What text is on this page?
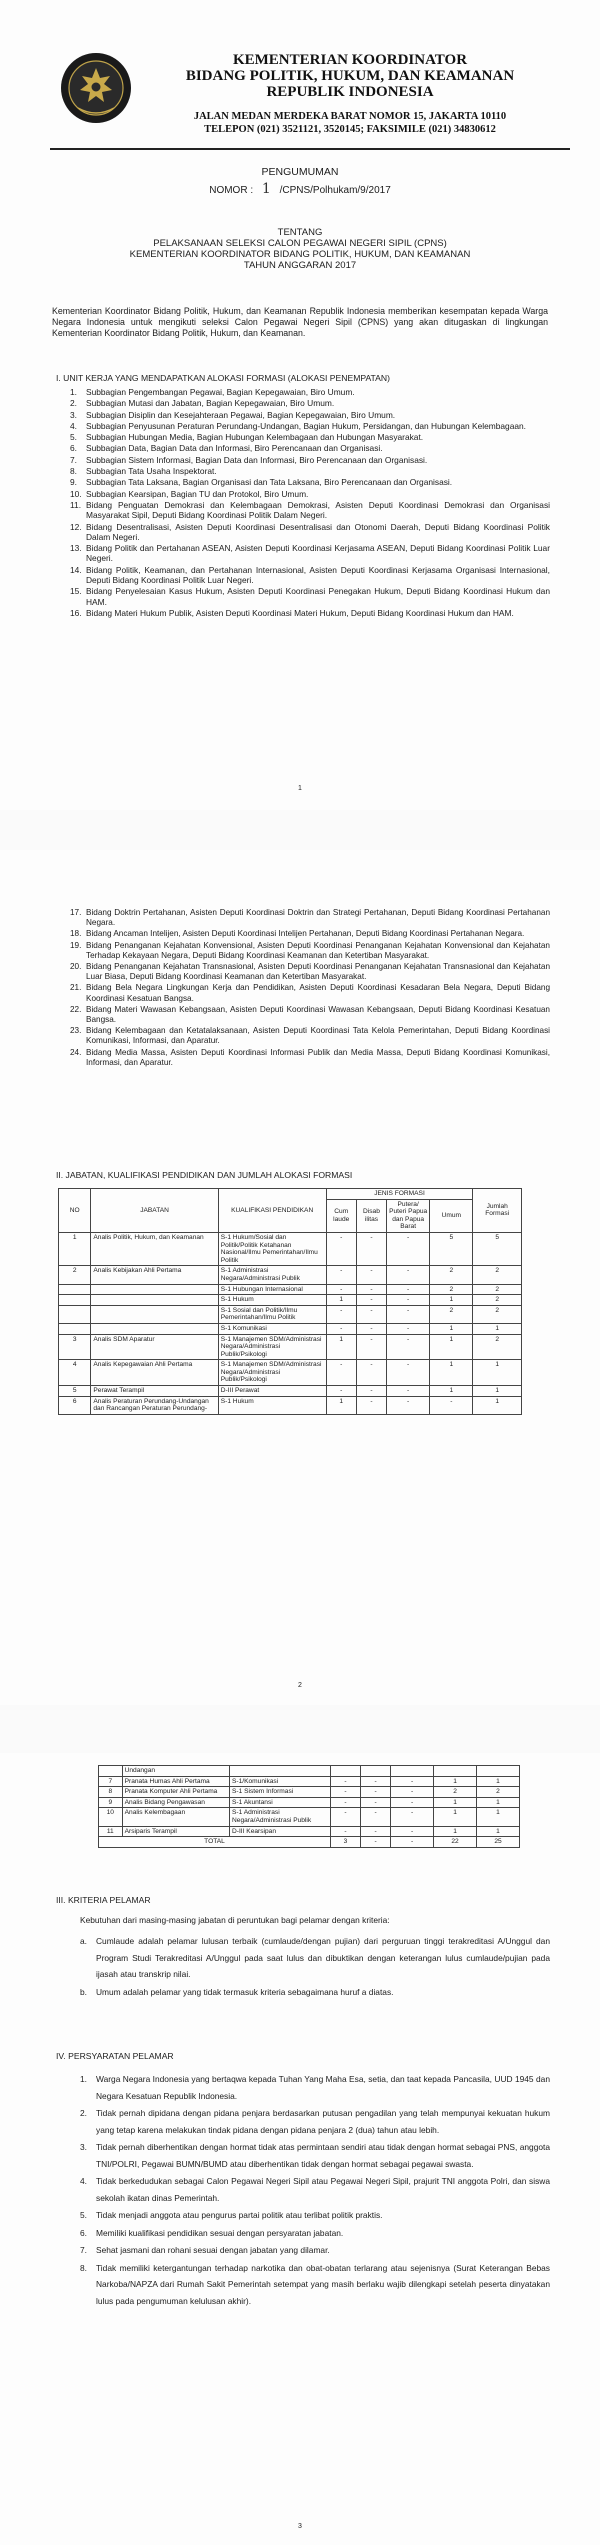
KEMENTERIAN KOORDINATOR
BIDANG POLITIK, HUKUM, DAN KEAMANAN
REPUBLIK INDONESIA
JALAN MEDAN MERDEKA BARAT NOMOR 15, JAKARTA 10110
TELEPON (021) 3521121, 3520145; FAKSIMILE (021) 34830612
PENGUMUMAN
NOMOR : 1 /CPNS/Polhukam/9/2017
TENTANG
PELAKSANAAN SELEKSI CALON PEGAWAI NEGERI SIPIL (CPNS)
KEMENTERIAN KOORDINATOR BIDANG POLITIK, HUKUM, DAN KEAMANAN
TAHUN ANGGARAN 2017
Kementerian Koordinator Bidang Politik, Hukum, dan Keamanan Republik Indonesia memberikan kesempatan kepada Warga Negara Indonesia untuk mengikuti seleksi Calon Pegawai Negeri Sipil (CPNS) yang akan ditugaskan di lingkungan Kementerian Koordinator Bidang Politik, Hukum, dan Keamanan.
I. UNIT KERJA YANG MENDAPATKAN ALOKASI FORMASI (ALOKASI PENEMPATAN)
1. Subbagian Pengembangan Pegawai, Bagian Kepegawaian, Biro Umum.
2. Subbagian Mutasi dan Jabatan, Bagian Kepegawaian, Biro Umum.
3. Subbagian Disiplin dan Kesejahteraan Pegawai, Bagian Kepegawaian, Biro Umum.
4. Subbagian Penyusunan Peraturan Perundang-Undangan, Bagian Hukum, Persidangan, dan Hubungan Kelembagaan.
5. Subbagian Hubungan Media, Bagian Hubungan Kelembagaan dan Hubungan Masyarakat.
6. Subbagian Data, Bagian Data dan Informasi, Biro Perencanaan dan Organisasi.
7. Subbagian Sistem Informasi, Bagian Data dan Informasi, Biro Perencanaan dan Organisasi.
8. Subbagian Tata Usaha Inspektorat.
9. Subbagian Tata Laksana, Bagian Organisasi dan Tata Laksana, Biro Perencanaan dan Organisasi.
10. Subbagian Kearsipan, Bagian TU dan Protokol, Biro Umum.
11. Bidang Penguatan Demokrasi dan Kelembagaan Demokrasi, Asisten Deputi Koordinasi Demokrasi dan Organisasi Masyarakat Sipil, Deputi Bidang Koordinasi Politik Dalam Negeri.
12. Bidang Desentralisasi, Asisten Deputi Koordinasi Desentralisasi dan Otonomi Daerah, Deputi Bidang Koordinasi Politik Dalam Negeri.
13. Bidang Politik dan Pertahanan ASEAN, Asisten Deputi Koordinasi Kerjasama ASEAN, Deputi Bidang Koordinasi Politik Luar Negeri.
14. Bidang Politik, Keamanan, dan Pertahanan Internasional, Asisten Deputi Koordinasi Kerjasama Organisasi Internasional, Deputi Bidang Koordinasi Politik Luar Negeri.
15. Bidang Penyelesaian Kasus Hukum, Asisten Deputi Koordinasi Penegakan Hukum, Deputi Bidang Koordinasi Hukum dan HAM.
16. Bidang Materi Hukum Publik, Asisten Deputi Koordinasi Materi Hukum, Deputi Bidang Koordinasi Hukum dan HAM.
1
17. Bidang Doktrin Pertahanan, Asisten Deputi Koordinasi Doktrin dan Strategi Pertahanan, Deputi Bidang Koordinasi Pertahanan Negara.
18. Bidang Ancaman Intelijen, Asisten Deputi Koordinasi Intelijen Pertahanan, Deputi Bidang Koordinasi Pertahanan Negara.
19. Bidang Penanganan Kejahatan Konvensional, Asisten Deputi Koordinasi Penanganan Kejahatan Konvensional dan Kejahatan Terhadap Kekayaan Negara, Deputi Bidang Koordinasi Keamanan dan Ketertiban Masyarakat.
20. Bidang Penanganan Kejahatan Transnasional, Asisten Deputi Koordinasi Penanganan Kejahatan Transnasional dan Kejahatan Luar Biasa, Deputi Bidang Koordinasi Keamanan dan Ketertiban Masyarakat.
21. Bidang Bela Negara Lingkungan Kerja dan Pendidikan, Asisten Deputi Koordinasi Kesadaran Bela Negara, Deputi Bidang Koordinasi Kesatuan Bangsa.
22. Bidang Materi Wawasan Kebangsaan, Asisten Deputi Koordinasi Wawasan Kebangsaan, Deputi Bidang Koordinasi Kesatuan Bangsa.
23. Bidang Kelembagaan dan Ketatalaksanaan, Asisten Deputi Koordinasi Tata Kelola Pemerintahan, Deputi Bidang Koordinasi Komunikasi, Informasi, dan Aparatur.
24. Bidang Media Massa, Asisten Deputi Koordinasi Informasi Publik dan Media Massa, Deputi Bidang Koordinasi Komunikasi, Informasi, dan Aparatur.
II. JABATAN, KUALIFIKASI PENDIDIKAN DAN JUMLAH ALOKASI FORMASI
NO	JABATAN	KUALIFIKASI PENDIDIKAN	JENIS FORMASI				Jumlah Formasi
			Cum laude	Disab ilitas	Putera/ Puteri Papua dan Papua Barat	Umum	
1	Analis Politik, Hukum, dan Keamanan	S-1 Hukum/Sosial dan Politik/Politik Ketahanan Nasional/Ilmu Pemerintahan/Ilmu Politik	-	-	-	5	5
2	Analis Kebijakan Ahli Pertama	S-1 Administrasi Negara/Administrasi Publik	-	-	-	2	2
		S-1 Hubungan Internasional	-	-	-	2	2
		S-1 Hukum	1	-	-	1	2
		S-1 Sosial dan Politik/Ilmu Pemerintahan/Ilmu Politik	-	-	-	2	2
		S-1 Komunikasi	-	-	-	1	1
3	Analis SDM Aparatur	S-1 Manajemen SDM/Administrasi Negara/Administrasi Publik/Psikologi	1	-	-	1	2
4	Analis Kepegawaian Ahli Pertama	S-1 Manajemen SDM/Administrasi Negara/Administrasi Publik/Psikologi	-	-	-	1	1
5	Perawat Terampil	D-III Perawat	-	-	-	1	1
6	Analis Peraturan Perundang-Undangan dan Rancangan Peraturan Perundang-	S-1 Hukum	1	-	-	-	1
2
	Undangan						
7	Pranata Humas Ahli Pertama	S-1/Komunikasi	-	-	-	1	1
8	Pranata Komputer Ahli Pertama	S-1 Sistem Informasi	-	-	-	2	2
9	Analis Bidang Pengawasan	S-1 Akuntansi	-	-	-	1	1
10	Analis Kelembagaan	S-1 Administrasi Negara/Administrasi Publik	-	-	-	1	1
11	Arsiparis Terampil	D-III Kearsipan	-	-	-	1	1
TOTAL			3	-	-	22	25
III. KRITERIA PELAMAR
Kebutuhan dari masing-masing jabatan di peruntukan bagi pelamar dengan kriteria:
a. Cumlaude adalah pelamar lulusan terbaik (cumlaude/dengan pujian) dari perguruan tinggi terakreditasi A/Unggul dan Program Studi Terakreditasi A/Unggul pada saat lulus dan dibuktikan dengan keterangan lulus cumlaude/pujian pada ijasah atau transkrip nilai.
b. Umum adalah pelamar yang tidak termasuk kriteria sebagaimana huruf a diatas.
IV. PERSYARATAN PELAMAR
1. Warga Negara Indonesia yang bertaqwa kepada Tuhan Yang Maha Esa, setia, dan taat kepada Pancasila, UUD 1945 dan Negara Kesatuan Republik Indonesia.
2. Tidak pernah dipidana dengan pidana penjara berdasarkan putusan pengadilan yang telah mempunyai kekuatan hukum yang tetap karena melakukan tindak pidana dengan pidana penjara 2 (dua) tahun atau lebih.
3. Tidak pernah diberhentikan dengan hormat tidak atas permintaan sendiri atau tidak dengan hormat sebagai PNS, anggota TNI/POLRI, Pegawai BUMN/BUMD atau diberhentikan tidak dengan hormat sebagai pegawai swasta.
4. Tidak berkedudukan sebagai Calon Pegawai Negeri Sipil atau Pegawai Negeri Sipil, prajurit TNI anggota Polri, dan siswa sekolah ikatan dinas Pemerintah.
5. Tidak menjadi anggota atau pengurus partai politik atau terlibat politik praktis.
6. Memiliki kualifikasi pendidikan sesuai dengan persyaratan jabatan.
7. Sehat jasmani dan rohani sesuai dengan jabatan yang dilamar.
8. Tidak memiliki ketergantungan terhadap narkotika dan obat-obatan terlarang atau sejenisnya (Surat Keterangan Bebas Narkoba/NAPZA dari Rumah Sakit Pemerintah setempat yang masih berlaku wajib dilengkapi setelah peserta dinyatakan lulus pada pengumuman kelulusan akhir).
3
